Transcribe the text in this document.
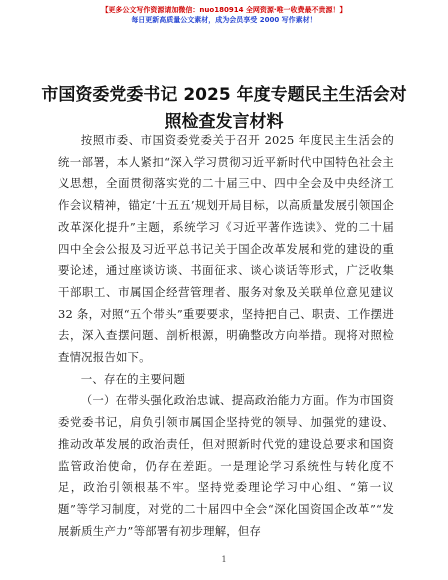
【更多公文写作资源请加微信：nuo180914 全网资源·唯一收费最不贵源！】
每日更新高质量公文素材，成为会员享受 2000 写作素材！
市国资委党委书记 2025 年度专题民主生活会对照检查发言材料

按照市委、市国资委党委关于召开 2025 年度民主生活会的统一部署，本人紧扣“深入学习贯彻习近平新时代中国特色社会主义思想，全面贯彻落实党的二十届三中、四中全会及中央经济工作会议精神，锚定‘十五五’规划开局目标，以高质量发展引领国企改革深化提升”主题，系统学习《习近平著作选读》、党的二十届四中全会公报及习近平总书记关于国企改革发展和党的建设的重要论述，通过座谈访谈、书面征求、谈心谈话等形式，广泛收集干部职工、市属国企经营管理者、服务对象及关联单位意见建议 32 条，对照“五个带头”重要要求，坚持把自己、职责、工作摆进去，深入查摆问题、剖析根源，明确整改方向举措。现将对照检查情况报告如下。

一、存在的主要问题

（一）在带头强化政治忠诚、提高政治能力方面。作为市国资委党委书记，肩负引领市属国企坚持党的领导、加强党的建设、推动改革发展的政治责任，但对照新时代党的建设总要求和国资监管政治使命，仍存在差距。一是理论学习系统性与转化度不足，政治引领根基不牢。坚持党委理论学习中心组、“第一议题”等学习制度，对党的二十届四中全会“深化国资国企改革”“发展新质生产力”等部署有初步理解，但存

1
